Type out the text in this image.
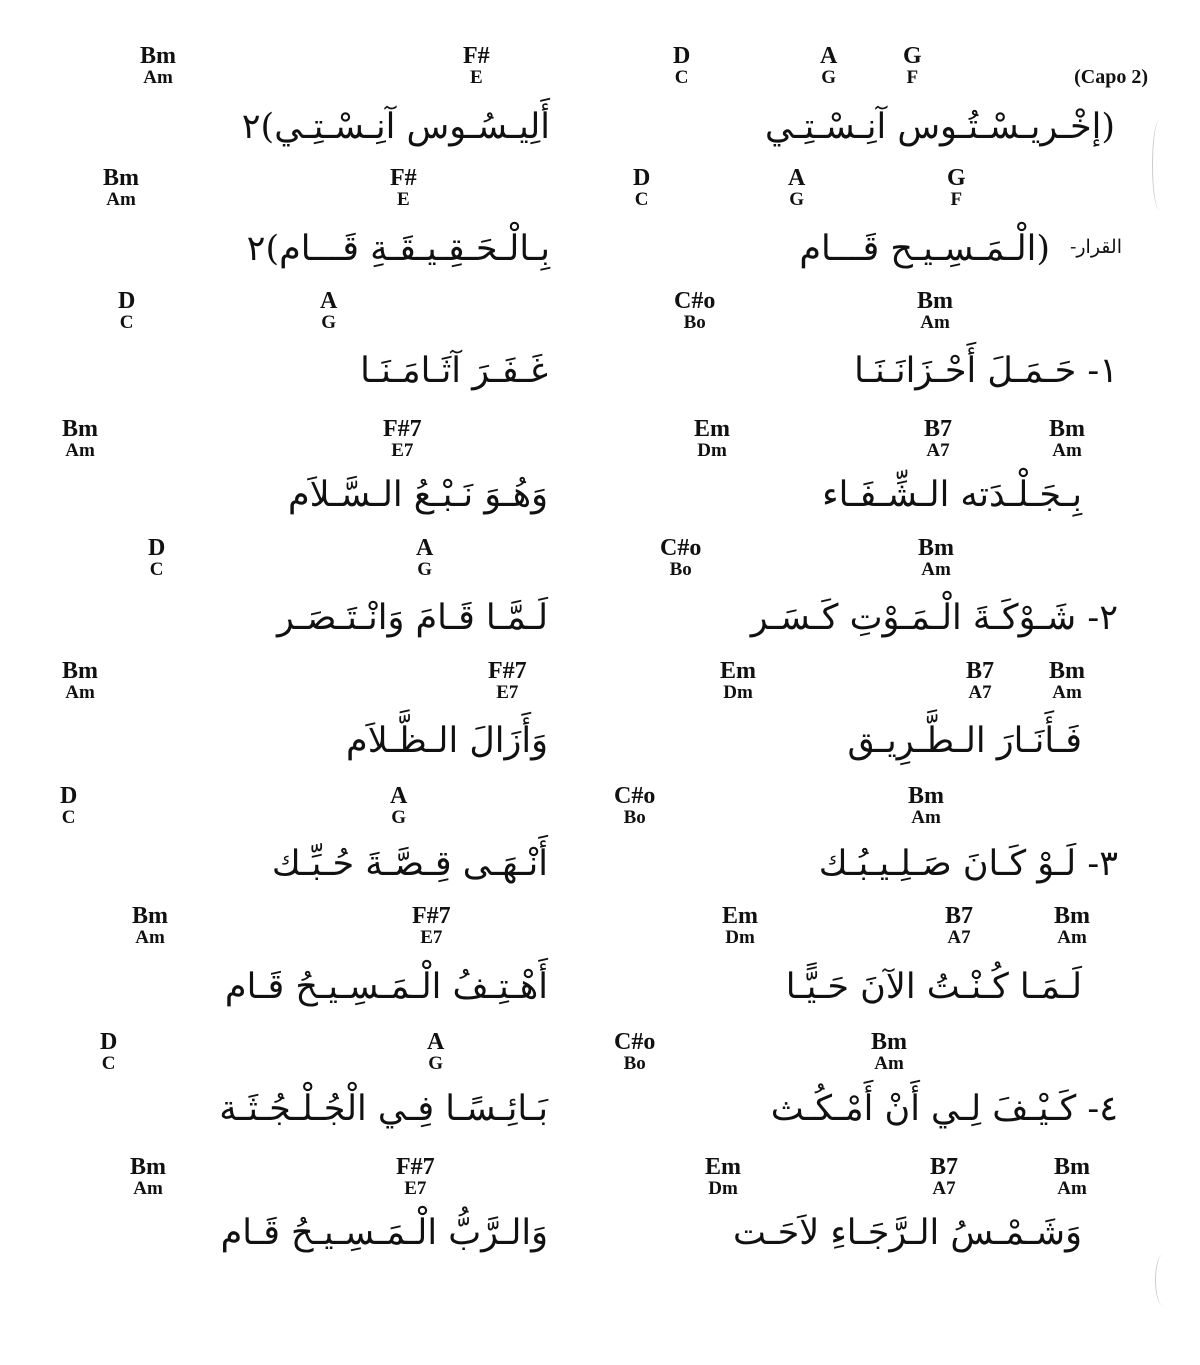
(Capo 2)
Bm
Am
F#
E
D
C
A
G
G
F
(إخْـريـسْـتُـوس آنِـسْـتِـي
أَلِيـسُـوس آنِـسْـتِـي)٢
Bm
Am
F#
E
D
C
A
G
G
F
القرار-
(الْـمَـسِـيـح قَـــام
بِـالْـحَـقِـيـقَـةِ قَـــام)٢
D
C
A
G
C#o
Bo
Bm
Am
١- حَـمَـلَ أَحْـزَانَـنَـا
غَـفَـرَ آثَـامَـنَـا
Bm
Am
F#7
E7
Em
Dm
B7
A7
Bm
Am
بِـجَـلْـدَته الـشِّـفَـاء
وَهُـوَ نَـبْـعُ الـسَّـلاَم
D
C
A
G
C#o
Bo
Bm
Am
٢- شَـوْكَـةَ الْـمَـوْتِ كَـسَـر
لَـمَّـا قَـامَ وَانْـتَـصَـر
Bm
Am
F#7
E7
Em
Dm
B7
A7
Bm
Am
فَـأَنَـارَ الـطَّـرِيـق
وَأَزَالَ الـظَّـلاَم
D
C
A
G
C#o
Bo
Bm
Am
٣- لَـوْ كَـانَ صَـلِـيـبُـك
أَنْـهَـى قِـصَّـةَ حُـبِّـك
Bm
Am
F#7
E7
Em
Dm
B7
A7
Bm
Am
لَـمَـا كُـنْـتُ الآنَ حَـيًّـا
أَهْـتِـفُ الْـمَـسِـيـحُ قَـام
D
C
A
G
C#o
Bo
Bm
Am
٤- كَـيْـفَ لِـي أَنْ أَمْـكُـث
بَـائِـسًـا فِـي الْجُـلْـجُـثَـة
Bm
Am
F#7
E7
Em
Dm
B7
A7
Bm
Am
وَشَـمْـسُ الـرَّجَـاءِ لاَحَـت
وَالـرَّبُّ الْـمَـسِـيـحُ قَـام
